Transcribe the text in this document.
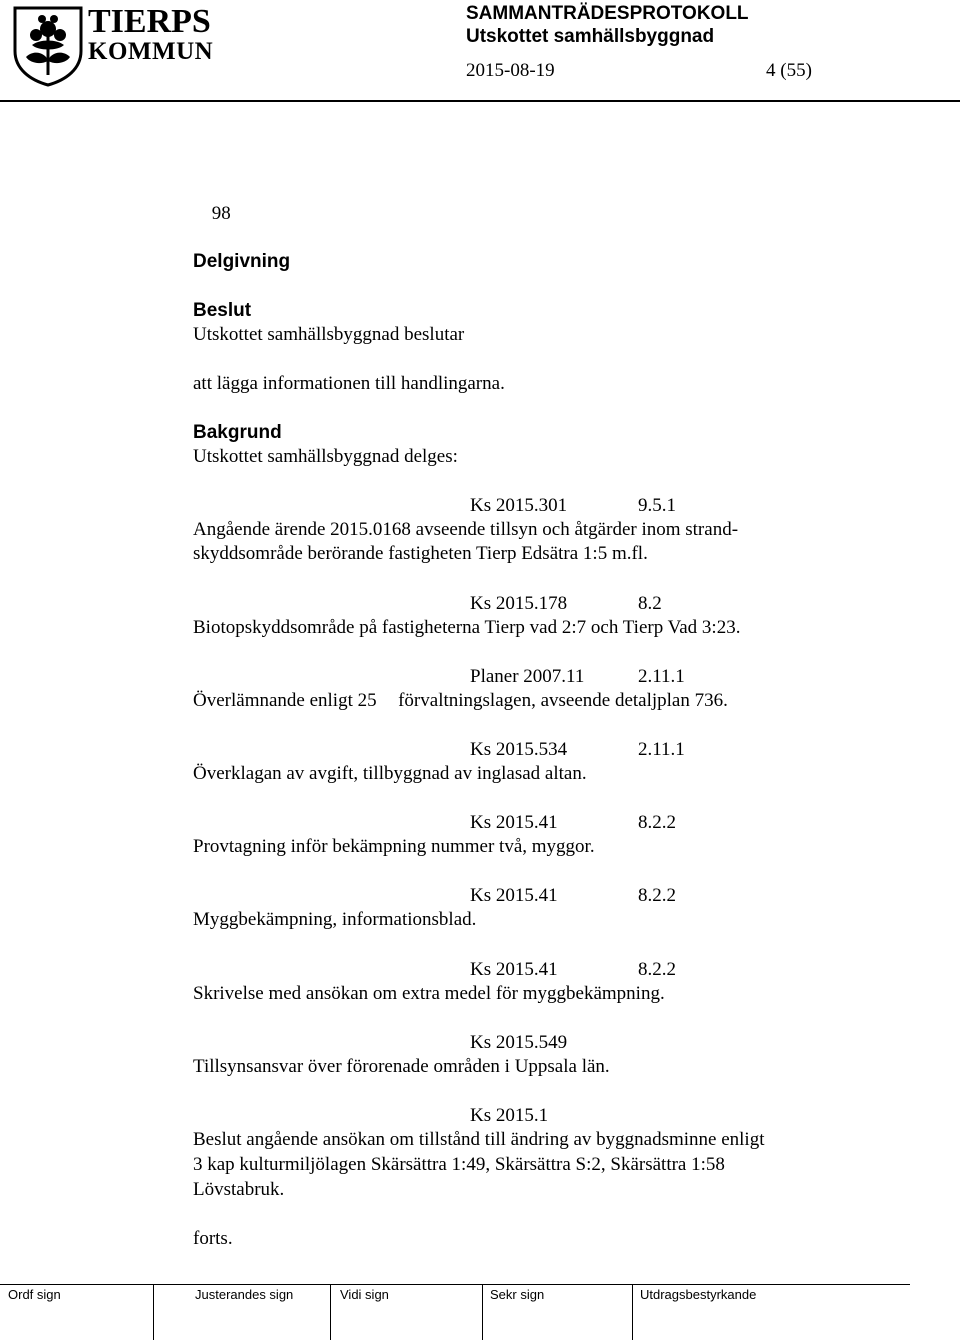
TIERPS
KOMMUN
SAMMANTRÄDESPROTOKOLL
Utskottet samhällsbyggnad
2015-08-19	4 (55)
98
Delgivning
Beslut
Utskottet samhällsbyggnad beslutar
att lägga informationen till handlingarna.
Bakgrund
Utskottet samhällsbyggnad delges:
Ks 2015.301	9.5.1
Angående ärende 2015.0168 avseende tillsyn och åtgärder inom strand-
skyddsområde berörande fastigheten Tierp Edsätra 1:5 m.fl.
Ks 2015.178	8.2
Biotopskyddsområde på fastigheterna Tierp vad 2:7 och Tierp Vad 3:23.
Planer 2007.11	2.11.1
Överlämnande enligt 25 förvaltningslagen, avseende detaljplan 736.
Ks 2015.534	2.11.1
Överklagan av avgift, tillbyggnad av inglasad altan.
Ks 2015.41	8.2.2
Provtagning inför bekämpning nummer två, myggor.
Ks 2015.41	8.2.2
Myggbekämpning, informationsblad.
Ks 2015.41	8.2.2
Skrivelse med ansökan om extra medel för myggbekämpning.
Ks 2015.549
Tillsynsansvar över förorenade områden i Uppsala län.
Ks 2015.1
Beslut angående ansökan om tillstånd till ändring av byggnadsminne enligt
3 kap kulturmiljölagen Skärsättra 1:49, Skärsättra S:2, Skärsättra 1:58
Lövstabruk.
forts.
Ordf sign	Justerandes sign	Vidi sign	Sekr sign	Utdragsbestyrkande
